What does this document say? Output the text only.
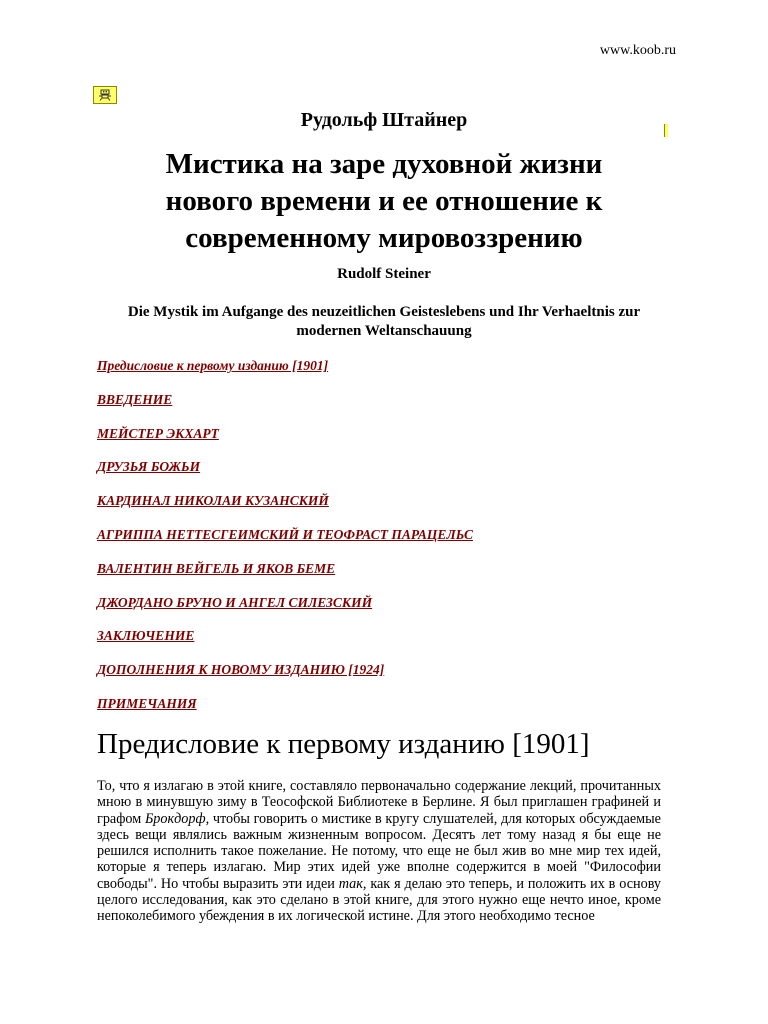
www.koob.ru
Рудольф Штайнер
Мистика на заре духовной жизни нового времени и ее отношение к современному мировоззрению
Rudolf Steiner
Die Mystik im Aufgange des neuzeitlichen Geisteslebens und Ihr Verhaeltnis zur modernen Weltanschauung
Предисловие к первому изданию [1901]
ВВЕДЕНИЕ
МЕЙСТЕР ЭКХАРТ
ДРУЗЬЯ БОЖЬИ
КАРДИНАЛ НИКОЛАИ КУЗАНСКИЙ
АГРИППА НЕТТЕСГЕИМСКИЙ И ТЕОФРАСТ ПАРАЦЕЛЬС
ВАЛЕНТИН ВЕЙГЕЛЬ И ЯКОВ БЕМЕ
ДЖОРДАНО БРУНО И АНГЕЛ СИЛЕЗСКИЙ
ЗАКЛЮЧЕНИЕ
ДОПОЛНЕНИЯ К НОВОМУ ИЗДАНИЮ [1924]
ПРИМЕЧАНИЯ
Предисловие к первому изданию [1901]

То, что я излагаю в этой книге, составляло первоначально содержание лекций, прочитанных мною в минувшую зиму в Теософской Библиотеке в Берлине. Я был приглашен графиней и графом Брокдорф, чтобы говорить о мистике в кругу слушателей, для которых обсуждаемые здесь вещи являлись важным жизненным вопросом. Десятъ лет тому назад я бы еще не решился исполнить такое пожелание. Не потому, что еще не был жив во мне мир тех идей, которые я теперь излагаю. Мир этих идей уже вполне содержится в моей "Философии свободы". Но чтобы выразить эти идеи так, как я делаю это теперь, и положить их в основу целого исследования, как это сделано в этой книге, для этого нужно еще нечто иное, кроме непоколебимого убеждения в их логической истине. Для этого необходимо тесное
